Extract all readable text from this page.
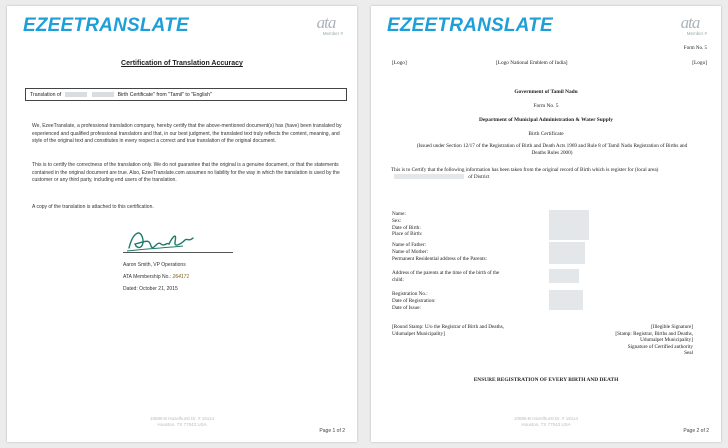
EZEETRANSLATE	ata
Member #
Certification of Translation Accuracy
Translation of	Birth Certificate" from "Tamil" to "English"
We, EzeeTranslate, a professional translation company, hereby certify that the above-mentioned document(s) has (have) been translated by experienced and qualified professional translators and that, in our best judgment, the translated text truly reflects the content, meaning, and style of the original text and constitutes in every respect a correct and true translation of the original document.
This is to certify the correctness of the translation only. We do not guarantee that the original is a genuine document, or that the statements contained in the original document are true. Also, EzeeTranslate.com assumes no liability for the way in which the translation is used by the customer or any third party, including end users of the translation.
A copy of the translation is attached to this certification.
Aaron Smith, VP Operations
ATA Membership No.: 264171
Dated: October 21, 2015
10685-B Hazelhurst Dr. # 18114
Houston, TX 77043 USA
Page 1 of 2
EZEETRANSLATE	ata
Member #
Form No. 5
[Logo]	[Logo National Emblem of India]	[Logo]
Government of Tamil Nadu
Form No. 5
Department of Municipal Administration & Water Supply
Birth Certificate
(Issued under Section 12/17 of the Registration of Birth and Death Acts 1969 and Rule 8 of Tamil Nadu Registration of Births and Deaths Rules 2000)
This is to Certify that the following information has been taken from the original record of Birth which is register for (local area)  of District
Name:
Sex:
Date of Birth:
Place of Birth:
Name of Father:
Name of Mother:
Permanent Residential address of the Parents:
Address of the parents at the time of the birth of the
child:
Registration No.:
Date of Registration:
Date of Issue:
[Round Stamp: U/o the Registrar of Birth and Deaths,
Udumalpet Municipality]
[Illegible Signature]
[Stamp: Registrar, Births and Deaths,
Udumalpet Municipality]
Signature of Certified authority
Seal
ENSURE REGISTRATION OF EVERY BIRTH AND DEATH
10685-B Hazelhurst Dr. # 18114
Houston, TX 77043 USA
Page 2 of 2
